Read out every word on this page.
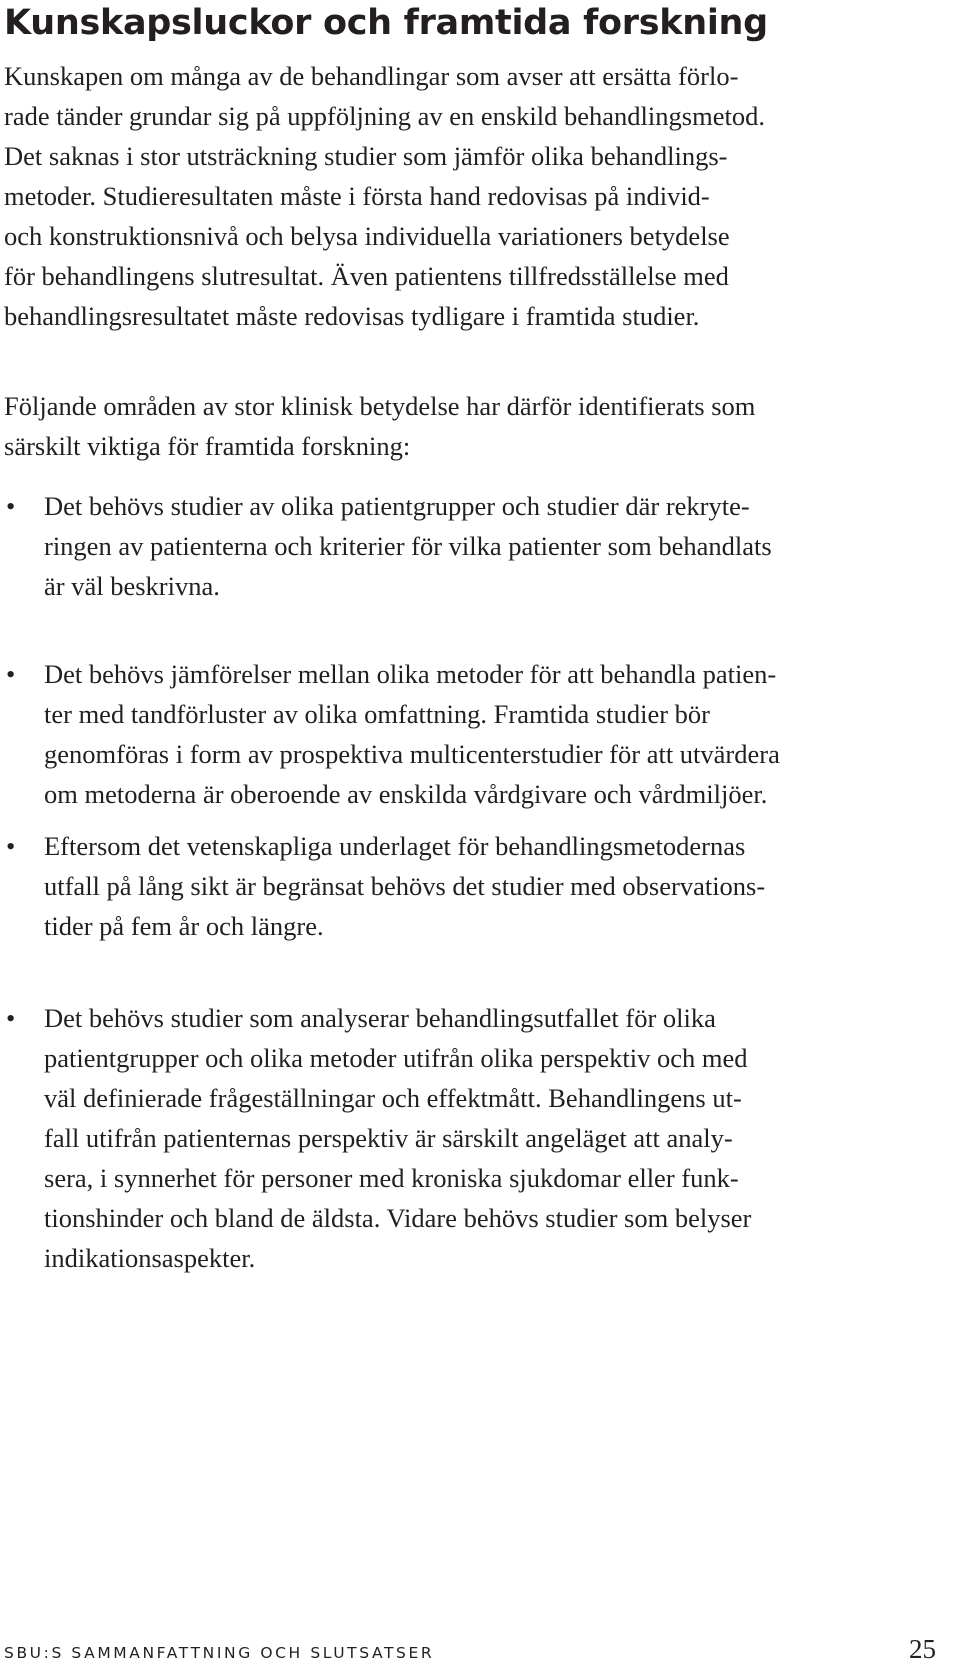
Kunskapsluckor och framtida forskning

Kunskapen om många av de behandlingar som avser att ersätta förlo-
rade tänder grundar sig på uppföljning av en enskild behandlingsmetod.
Det saknas i stor utsträckning studier som jämför olika behandlings-
metoder. Studieresultaten måste i första hand redovisas på individ-
och konstruktionsnivå och belysa individuella variationers betydelse
för behandlingens slutresultat. Även patientens tillfredsställelse med
behandlingsresultatet måste redovisas tydligare i framtida studier.

Följande områden av stor klinisk betydelse har därför identifierats som
särskilt viktiga för framtida forskning:

• Det behövs studier av olika patientgrupper och studier där rekryte-
ringen av patienterna och kriterier för vilka patienter som behandlats
är väl beskrivna.
• Det behövs jämförelser mellan olika metoder för att behandla patien-
ter med tandförluster av olika omfattning. Framtida studier bör
genomföras i form av prospektiva multicenterstudier för att utvärdera
om metoderna är oberoende av enskilda vårdgivare och vårdmiljöer.
• Eftersom det vetenskapliga underlaget för behandlingsmetodernas
utfall på lång sikt är begränsat behövs det studier med observations-
tider på fem år och längre.
• Det behövs studier som analyserar behandlingsutfallet för olika
patientgrupper och olika metoder utifrån olika perspektiv och med
väl definierade frågeställningar och effektmått. Behandlingens ut-
fall utifrån patienternas perspektiv är särskilt angeläget att analy-
sera, i synnerhet för personer med kroniska sjukdomar eller funk-
tionshinder och bland de äldsta. Vidare behövs studier som belyser
indikationsaspekter.
SBU:S SAMMANFATTNING OCH SLUTSATSER	25
